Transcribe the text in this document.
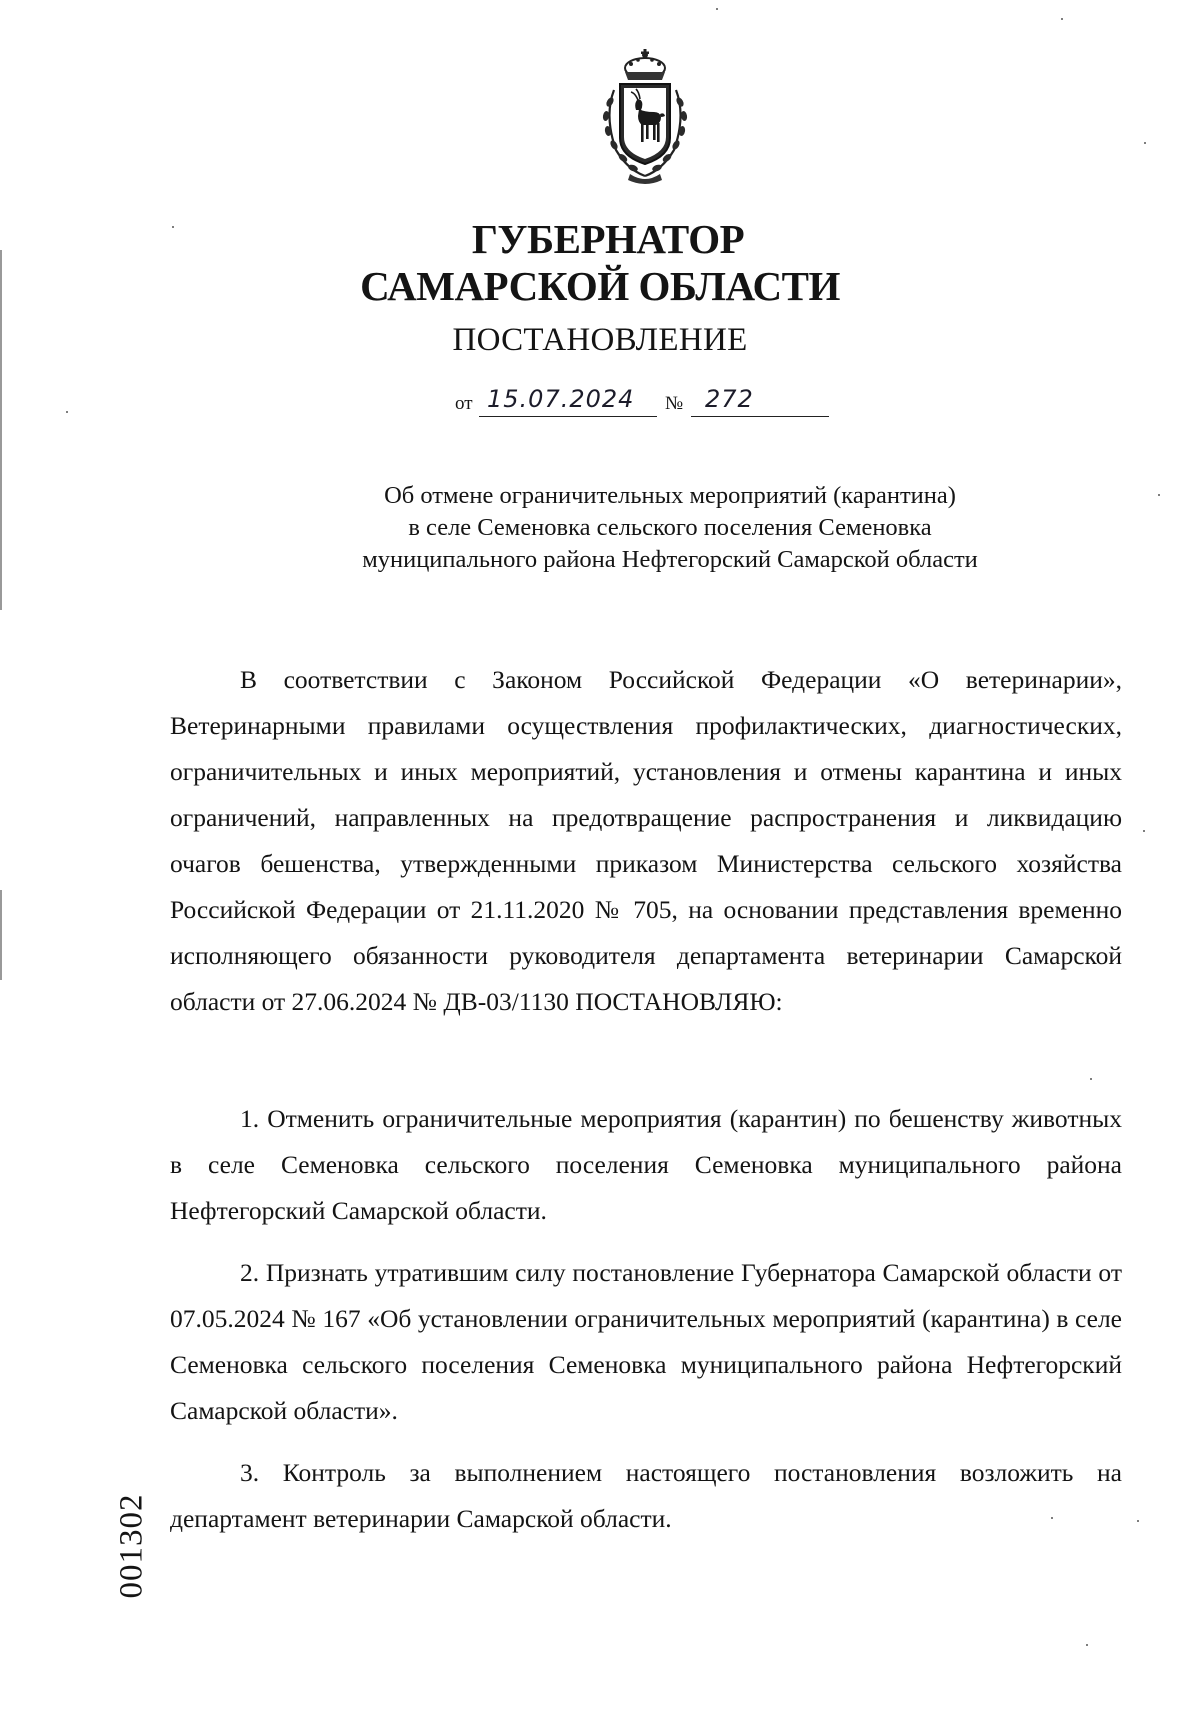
ГУБЕРНАТОР
САМАРСКОЙ ОБЛАСТИ
ПОСТАНОВЛЕНИЕ
от 15.07.2024 № 272
Об отмене ограничительных мероприятий (карантина)
в селе Семеновка сельского поселения Семеновка
муниципального района Нефтегорский Самарской области

В соответствии с Законом Российской Федерации «О ветеринарии», Ветеринарными правилами осуществления профилактических, диагностических, ограничительных и иных мероприятий, установления и отмены карантина и иных ограничений, направленных на предотвращение распространения и ликвидацию очагов бешенства, утвержденными приказом Министерства сельского хозяйства Российской Федерации от 21.11.2020 № 705, на основании представления временно исполняющего обязанности руководителя департамента ветеринарии Самарской области от 27.06.2024 № ДВ-03/1130 ПОСТАНОВЛЯЮ:

1. Отменить ограничительные мероприятия (карантин) по бешенству животных в селе Семеновка сельского поселения Семеновка муниципального района Нефтегорский Самарской области.

2. Признать утратившим силу постановление Губернатора Самарской области от 07.05.2024 № 167 «Об установлении ограничительных мероприятий (карантина) в селе Семеновка сельского поселения Семеновка муниципального района Нефтегорский Самарской области».

3. Контроль за выполнением настоящего постановления возложить на департамент ветеринарии Самарской области.

001302
